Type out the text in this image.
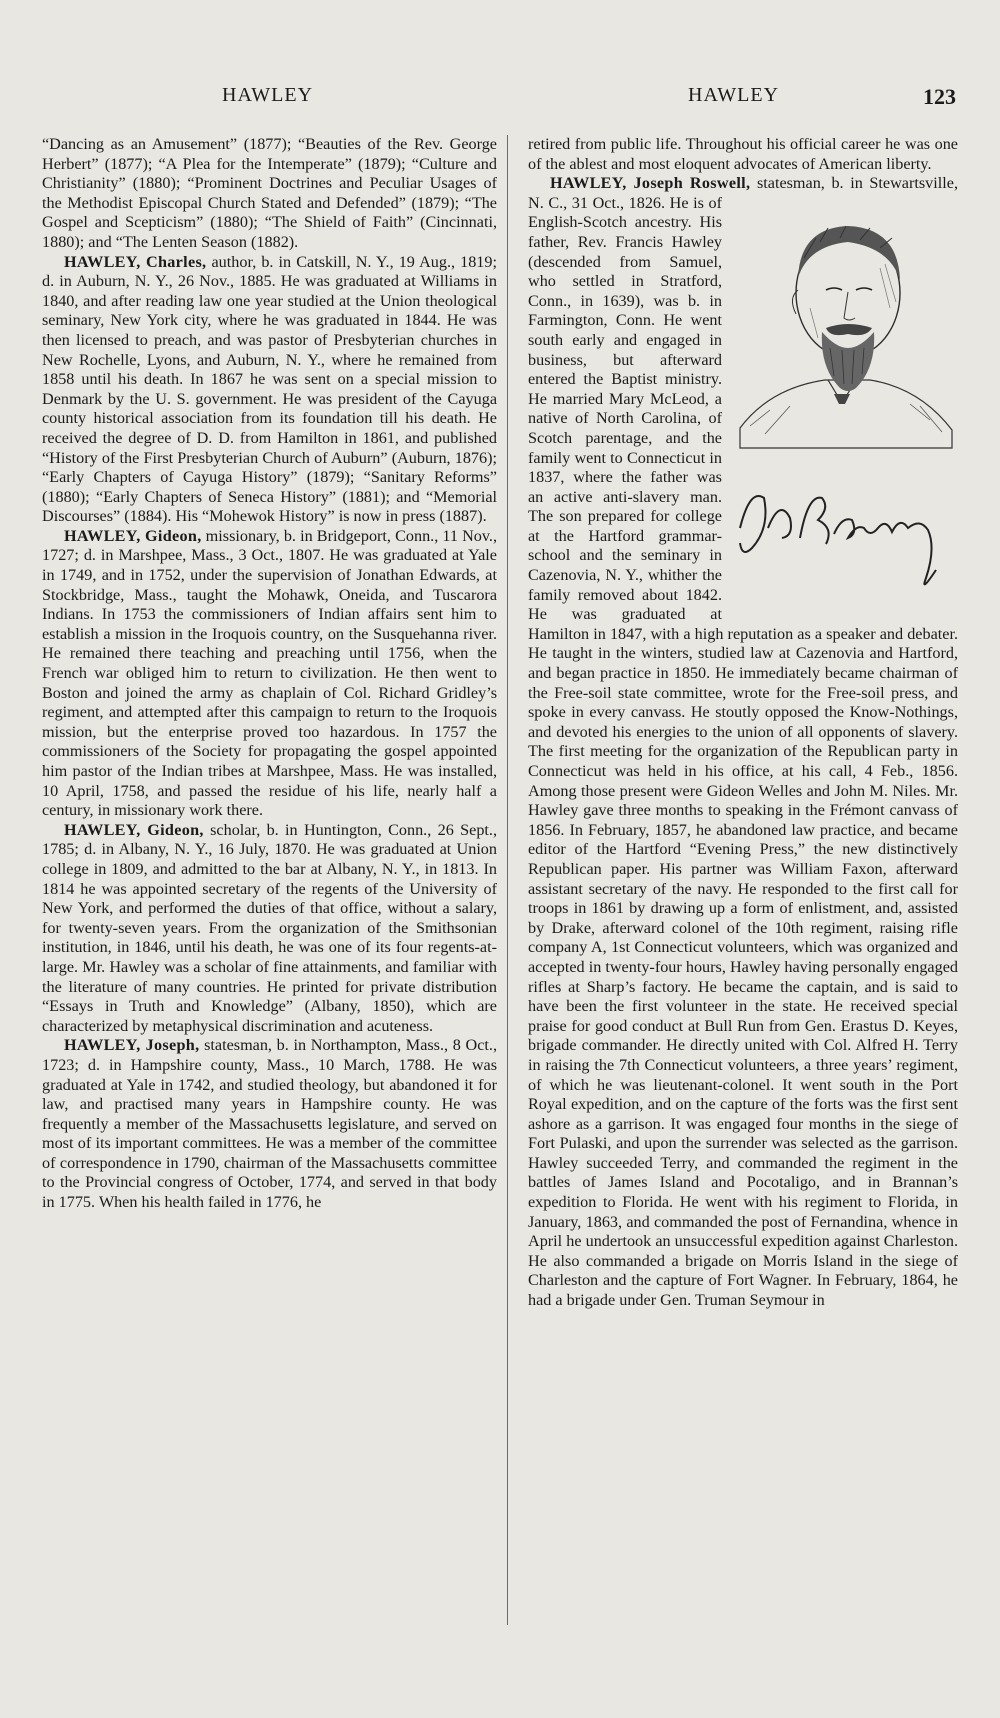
HAWLEY	HAWLEY	123

“Dancing as an Amusement” (1877); “Beauties of the Rev. George Herbert” (1877); “A Plea for the Intemperate” (1879); “Culture and Christianity” (1880); “Prominent Doctrines and Peculiar Usages of the Methodist Episcopal Church Stated and Defended” (1879); “The Gospel and Scepticism” (1880); “The Shield of Faith” (Cincinnati, 1880); and “The Lenten Season (1882).

HAWLEY, Charles, author, b. in Catskill, N. Y., 19 Aug., 1819; d. in Auburn, N. Y., 26 Nov., 1885. He was graduated at Williams in 1840, and after reading law one year studied at the Union theological seminary, New York city, where he was graduated in 1844. He was then licensed to preach, and was pastor of Presbyterian churches in New Rochelle, Lyons, and Auburn, N. Y., where he remained from 1858 until his death. In 1867 he was sent on a special mission to Denmark by the U. S. government. He was president of the Cayuga county historical association from its foundation till his death. He received the degree of D. D. from Hamilton in 1861, and published “History of the First Presbyterian Church of Auburn” (Auburn, 1876); “Early Chapters of Cayuga History” (1879); “Sanitary Reforms” (1880); “Early Chapters of Seneca History” (1881); and “Memorial Discourses” (1884). His “Mohewok History” is now in press (1887).

HAWLEY, Gideon, missionary, b. in Bridgeport, Conn., 11 Nov., 1727; d. in Marshpee, Mass., 3 Oct., 1807. He was graduated at Yale in 1749, and in 1752, under the supervision of Jonathan Edwards, at Stockbridge, Mass., taught the Mohawk, Oneida, and Tuscarora Indians. In 1753 the commissioners of Indian affairs sent him to establish a mission in the Iroquois country, on the Susquehanna river. He remained there teaching and preaching until 1756, when the French war obliged him to return to civilization. He then went to Boston and joined the army as chaplain of Col. Richard Gridley’s regiment, and attempted after this campaign to return to the Iroquois mission, but the enterprise proved too hazardous. In 1757 the commissioners of the Society for propagating the gospel appointed him pastor of the Indian tribes at Marshpee, Mass. He was installed, 10 April, 1758, and passed the residue of his life, nearly half a century, in missionary work there.

HAWLEY, Gideon, scholar, b. in Huntington, Conn., 26 Sept., 1785; d. in Albany, N. Y., 16 July, 1870. He was graduated at Union college in 1809, and admitted to the bar at Albany, N. Y., in 1813. In 1814 he was appointed secretary of the regents of the University of New York, and performed the duties of that office, without a salary, for twenty-seven years. From the organization of the Smithsonian institution, in 1846, until his death, he was one of its four regents-at-large. Mr. Hawley was a scholar of fine attainments, and familiar with the literature of many countries. He printed for private distribution “Essays in Truth and Knowledge” (Albany, 1850), which are characterized by metaphysical discrimination and acuteness.

HAWLEY, Joseph, statesman, b. in Northampton, Mass., 8 Oct., 1723; d. in Hampshire county, Mass., 10 March, 1788. He was graduated at Yale in 1742, and studied theology, but abandoned it for law, and practised many years in Hampshire county. He was frequently a member of the Massachusetts legislature, and served on most of its important committees. He was a member of the committee of correspondence in 1790, chairman of the Massachusetts committee to the Provincial congress of October, 1774, and served in that body in 1775. When his health failed in 1776, he

retired from public life. Throughout his official career he was one of the ablest and most eloquent advocates of American liberty.

HAWLEY, Joseph Roswell,
Jos R Hawley
statesman, b. in Stewartsville, N. C., 31 Oct., 1826. He is of English-Scotch ancestry. His father, Rev. Francis Hawley (descended from Samuel, who settled in Stratford, Conn., in 1639), was b. in Farmington, Conn. He went south early and engaged in business, but afterward entered the Baptist ministry. He married Mary McLeod, a native of North Carolina, of Scotch parentage, and the family went to Connecticut in 1837, where the father was an active anti-slavery man. The son prepared for college at the Hartford grammar-school and the seminary in Cazenovia, N. Y., whither the family removed about 1842. He was graduated at Hamilton in 1847, with a high reputation as a speaker and debater. He taught in the winters, studied law at Cazenovia and Hartford, and began practice in 1850. He immediately became chairman of the Free-soil state committee, wrote for the Free-soil press, and spoke in every canvass. He stoutly opposed the Know-Nothings, and devoted his energies to the union of all opponents of slavery. The first meeting for the organization of the Republican party in Connecticut was held in his office, at his call, 4 Feb., 1856. Among those present were Gideon Welles and John M. Niles. Mr. Hawley gave three months to speaking in the Frémont canvass of 1856. In February, 1857, he abandoned law practice, and became editor of the Hartford “Evening Press,” the new distinctively Republican paper. His partner was William Faxon, afterward assistant secretary of the navy. He responded to the first call for troops in 1861 by drawing up a form of enlistment, and, assisted by Drake, afterward colonel of the 10th regiment, raising rifle company A, 1st Connecticut volunteers, which was organized and accepted in twenty-four hours, Hawley having personally engaged rifles at Sharp’s factory. He became the captain, and is said to have been the first volunteer in the state. He received special praise for good conduct at Bull Run from Gen. Erastus D. Keyes, brigade commander. He directly united with Col. Alfred H. Terry in raising the 7th Connecticut volunteers, a three years’ regiment, of which he was lieutenant-colonel. It went south in the Port Royal expedition, and on the capture of the forts was the first sent ashore as a garrison. It was engaged four months in the siege of Fort Pulaski, and upon the surrender was selected as the garrison. Hawley succeeded Terry, and commanded the regiment in the battles of James Island and Pocotaligo, and in Brannan’s expedition to Florida. He went with his regiment to Florida, in January, 1863, and commanded the post of Fernandina, whence in April he undertook an unsuccessful expedition against Charleston. He also commanded a brigade on Morris Island in the siege of Charleston and the capture of Fort Wagner. In February, 1864, he had a brigade under Gen. Truman Seymour in
